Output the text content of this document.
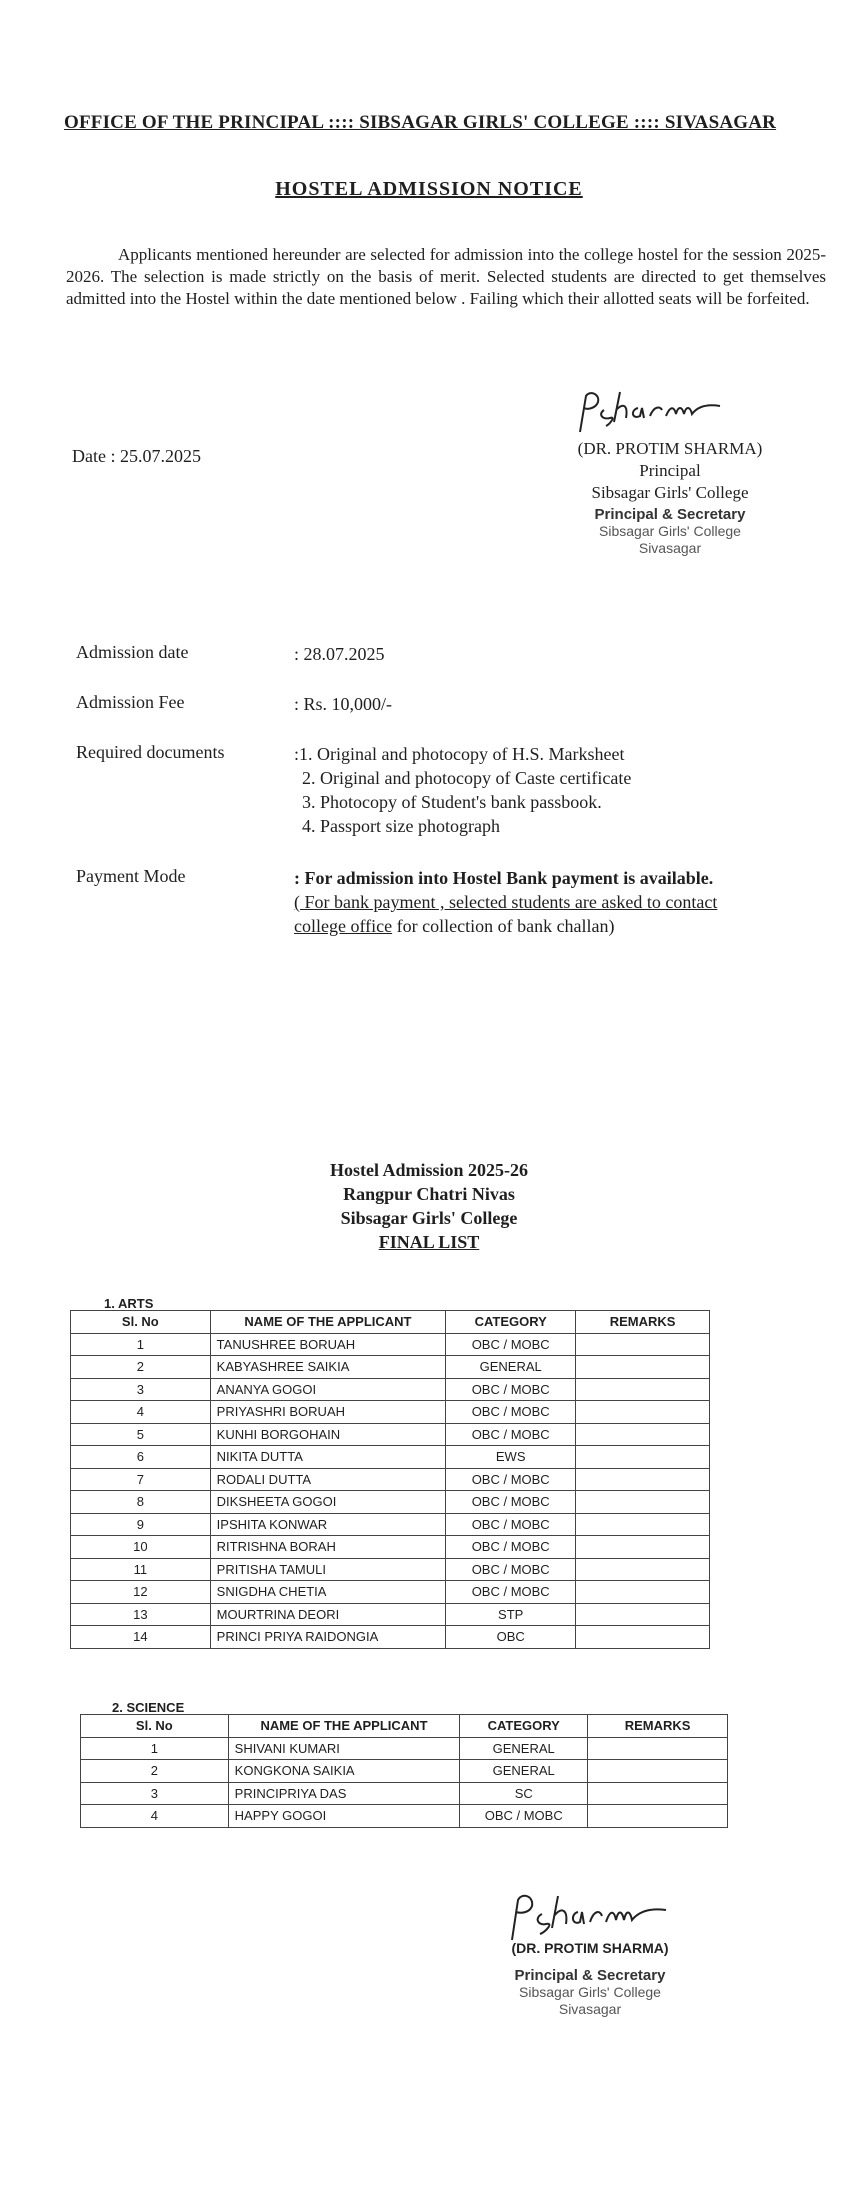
OFFICE OF THE PRINCIPAL :::: SIBSAGAR GIRLS' COLLEGE :::: SIVASAGAR
HOSTEL ADMISSION NOTICE
Applicants mentioned hereunder are selected for admission into the college hostel for the session 2025-2026. The selection is made strictly on the basis of merit. Selected students are directed to get themselves admitted into the Hostel within the date mentioned below . Failing which their allotted seats will be forfeited.
Date : 25.07.2025	(DR. PROTIM SHARMA)
Principal
Sibsagar Girls' College
Principal & Secretary
Sibsagar Girls' College
Sivasagar
Admission date	: 28.07.2025
Admission Fee	: Rs. 10,000/-
Required documents	:1. Original and photocopy of H.S. Marksheet
2. Original and photocopy of Caste certificate
3. Photocopy of Student's bank passbook.
4. Passport size photograph
Payment Mode	: For admission into Hostel Bank payment is available.
( For bank payment , selected students are asked to contact
college office for collection of bank challan)
Hostel Admission 2025-26
Rangpur Chatri Nivas
Sibsagar Girls' College
FINAL LIST
1. ARTS
Sl. No	NAME OF THE APPLICANT	CATEGORY	REMARKS
1	TANUSHREE BORUAH	OBC / MOBC	
2	KABYASHREE SAIKIA	GENERAL	
3	ANANYA GOGOI	OBC / MOBC	
4	PRIYASHRI BORUAH	OBC / MOBC	
5	KUNHI BORGOHAIN	OBC / MOBC	
6	NIKITA DUTTA	EWS	
7	RODALI DUTTA	OBC / MOBC	
8	DIKSHEETA GOGOI	OBC / MOBC	
9	IPSHITA KONWAR	OBC / MOBC	
10	RITRISHNA BORAH	OBC / MOBC	
11	PRITISHA TAMULI	OBC / MOBC	
12	SNIGDHA CHETIA	OBC / MOBC	
13	MOURTRINA DEORI	STP	
14	PRINCI PRIYA RAIDONGIA	OBC	
2. SCIENCE
Sl. No	NAME OF THE APPLICANT	CATEGORY	REMARKS
1	SHIVANI KUMARI	GENERAL	
2	KONGKONA SAIKIA	GENERAL	
3	PRINCIPRIYA DAS	SC	
4	HAPPY GOGOI	OBC / MOBC	
(DR. PROTIM SHARMA)
Principal & Secretary
Sibsagar Girls' College
Sivasagar
